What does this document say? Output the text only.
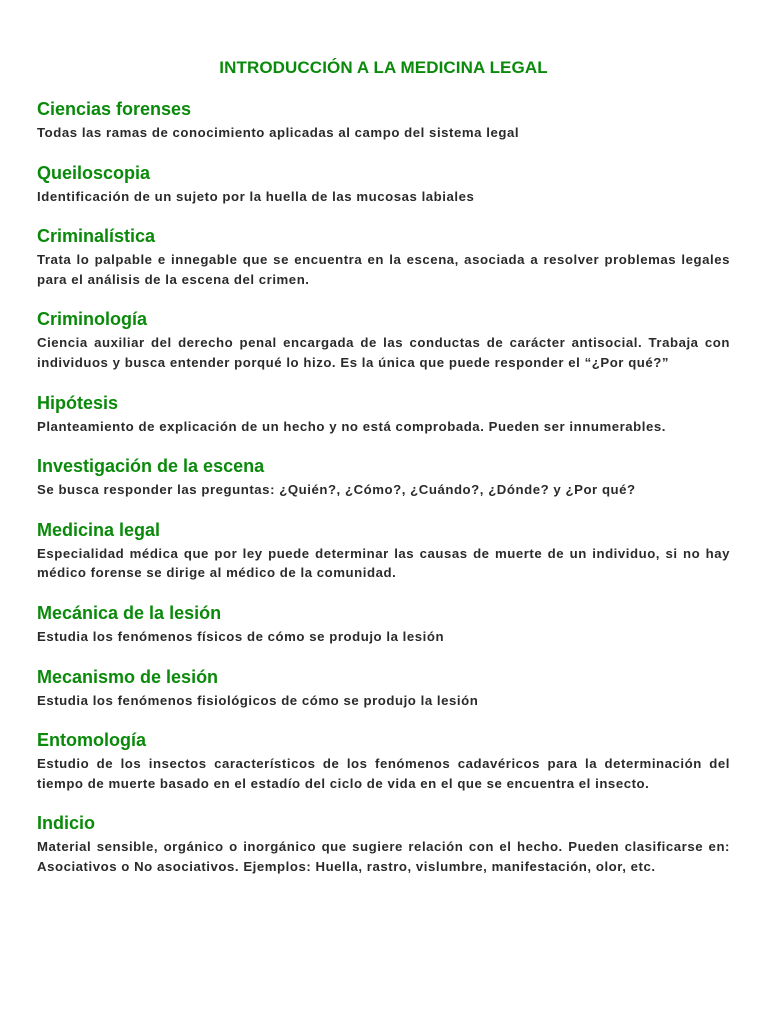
INTRODUCCIÓN A LA MEDICINA LEGAL
Ciencias forenses

Todas las ramas de conocimiento aplicadas al campo del sistema legal

Queiloscopia

Identificación de un sujeto por la huella de las mucosas labiales

Criminalística

Trata lo palpable e innegable que se encuentra en la escena, asociada a resolver problemas legales para el análisis de la escena del crimen.

Criminología

Ciencia auxiliar del derecho penal encargada de las conductas de carácter antisocial. Trabaja con individuos y busca entender porqué lo hizo. Es la única que puede responder el “¿Por qué?”

Hipótesis

Planteamiento de explicación de un hecho y no está comprobada. Pueden ser innumerables.

Investigación de la escena

Se busca responder las preguntas: ¿Quién?, ¿Cómo?, ¿Cuándo?, ¿Dónde? y ¿Por qué?

Medicina legal

Especialidad médica que por ley puede determinar las causas de muerte de un individuo, si no hay médico forense se dirige al médico de la comunidad.

Mecánica de la lesión

Estudia los fenómenos físicos de cómo se produjo la lesión

Mecanismo de lesión

Estudia los fenómenos fisiológicos de cómo se produjo la lesión

Entomología

Estudio de los insectos característicos de los fenómenos cadavéricos para la determinación del tiempo de muerte basado en el estadío del ciclo de vida en el que se encuentra el insecto.

Indicio

Material sensible, orgánico o inorgánico que sugiere relación con el hecho. Pueden clasificarse en: Asociativos o No asociativos. Ejemplos: Huella, rastro, vislumbre, manifestación, olor, etc.
